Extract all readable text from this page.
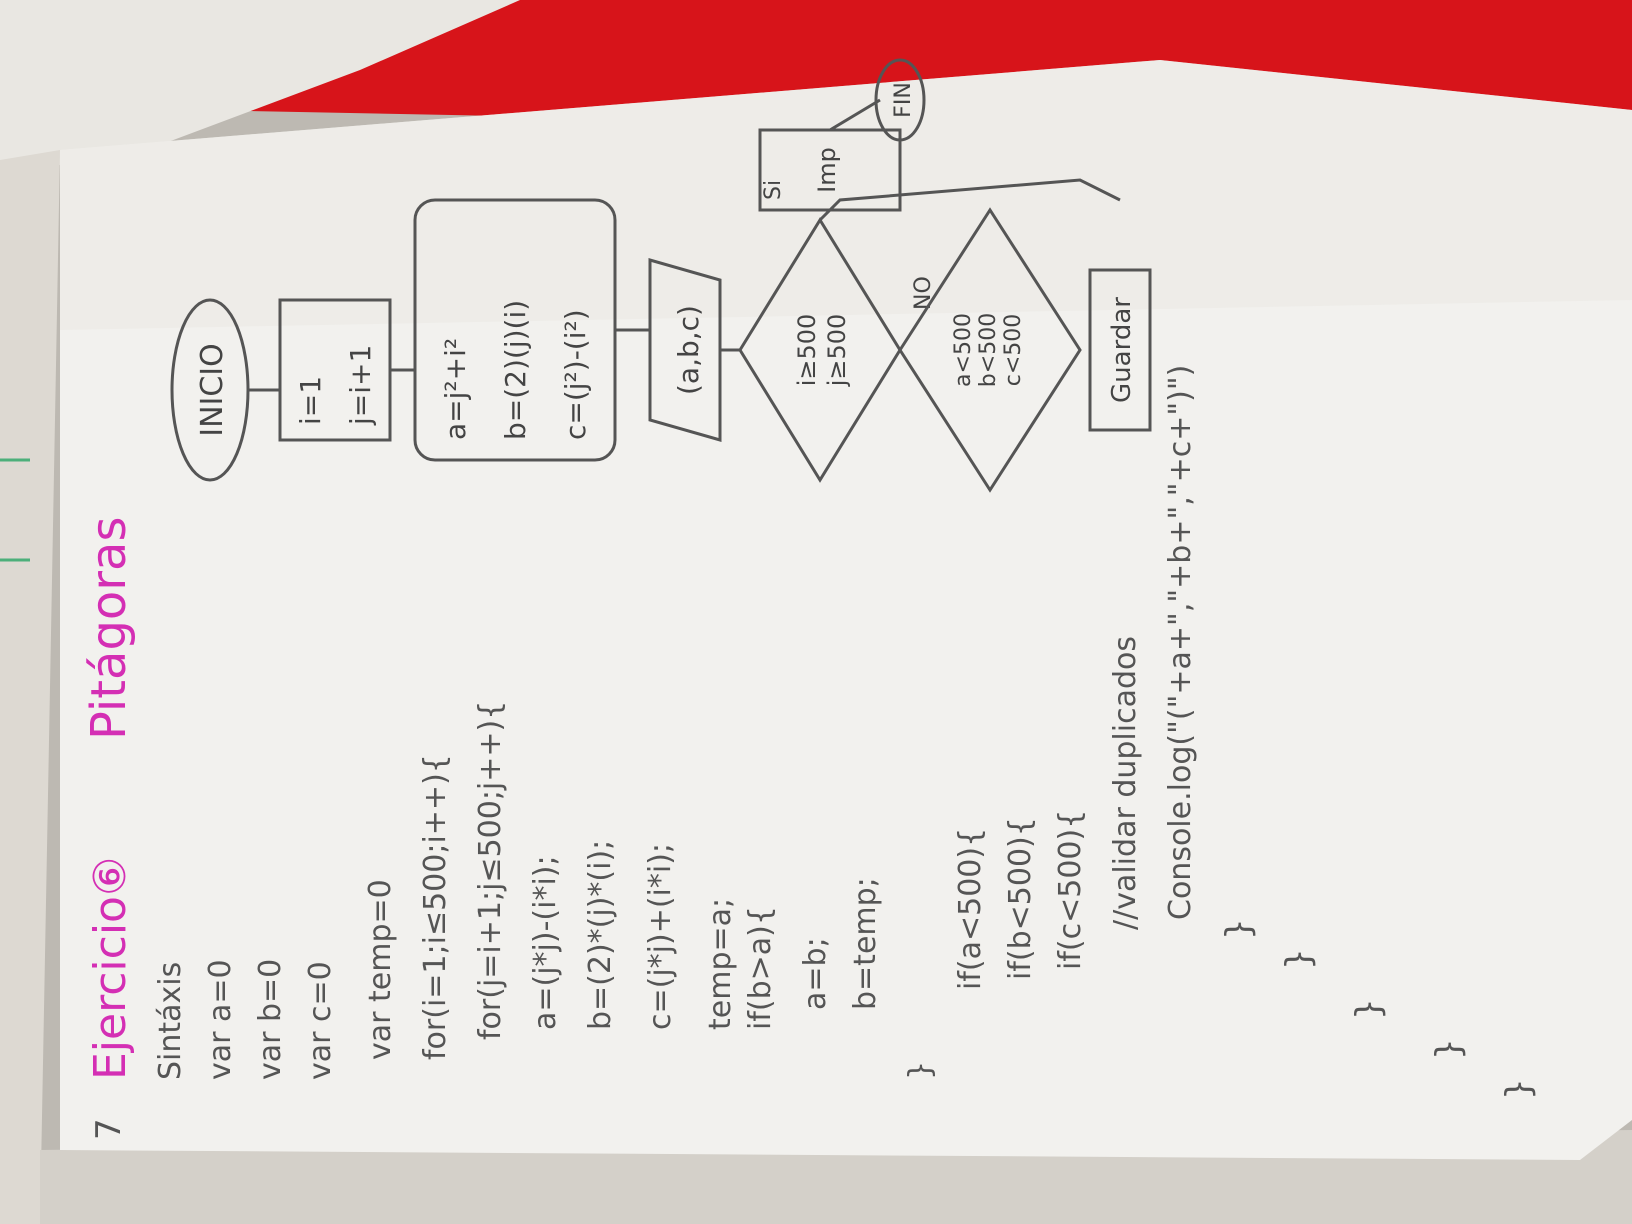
7
Ejercicio⑥
Pitágoras
Sintáxis var a=0 var b=0 var c=0 var temp=0 for(i=1;i≤500;i++){ for(j=i+1;j≤500;j++){ a=(j*j)-(i*i); b=(2)*(j)*(i); c=(j*j)+(i*i); temp=a; if(b>a){ a=b; b=temp;
}
if(a<500){ if(b<500){ if(c<500){ //validar duplicados Console.log("("+a+","+b+","+c+")")
}
}
}
}
}
INICIO i=1 j=i+1 a=j²+i² b=(2)(j)(i) c=(j²)-(i²)	(a,b,c)	i≥500 j≥500
NO
a<500 b<500 c<500	Guardar
Si Imp
FIN
